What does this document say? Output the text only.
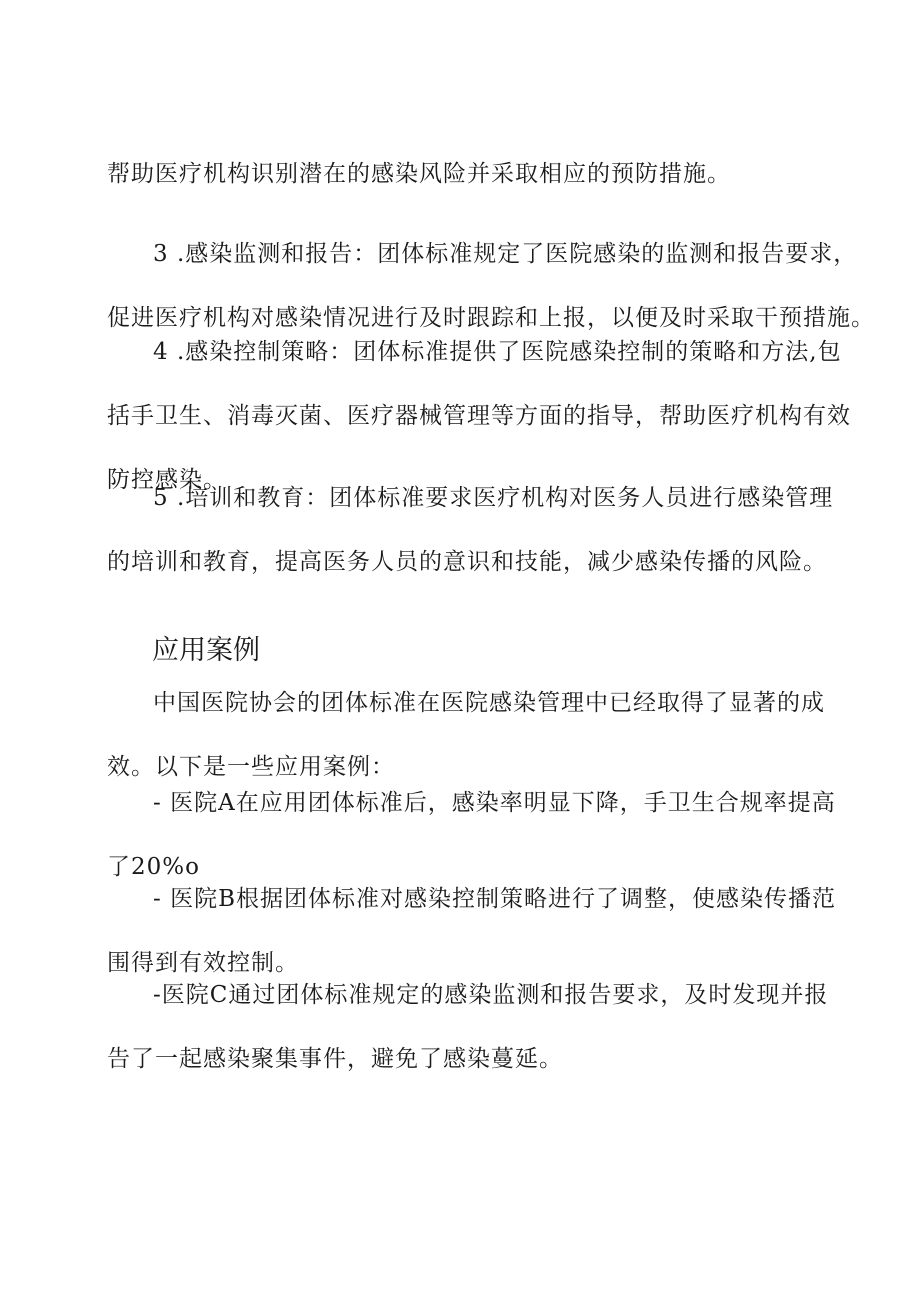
帮助医疗机构识别潜在的感染风险并采取相应的预防措施。

3 .感染监测和报告：团体标准规定了医院感染的监测和报告要求，
促进医疗机构对感染情况进行及时跟踪和上报，以便及时采取干预措施。

4 .感染控制策略：团体标准提供了医院感染控制的策略和方法,包
括手卫生、消毒灭菌、医疗器械管理等方面的指导，帮助医疗机构有效
防控感染。

5 .培训和教育：团体标准要求医疗机构对医务人员进行感染管理
的培训和教育，提高医务人员的意识和技能，减少感染传播的风险。

应用案例

中国医院协会的团体标准在医院感染管理中已经取得了显著的成
效。以下是一些应用案例：

- 医院A在应用团体标准后，感染率明显下降，手卫生合规率提高
了20%o

- 医院B根据团体标准对感染控制策略进行了调整，使感染传播范
围得到有效控制。

-医院C通过团体标准规定的感染监测和报告要求，及时发现并报
告了一起感染聚集事件，避免了感染蔓延。
